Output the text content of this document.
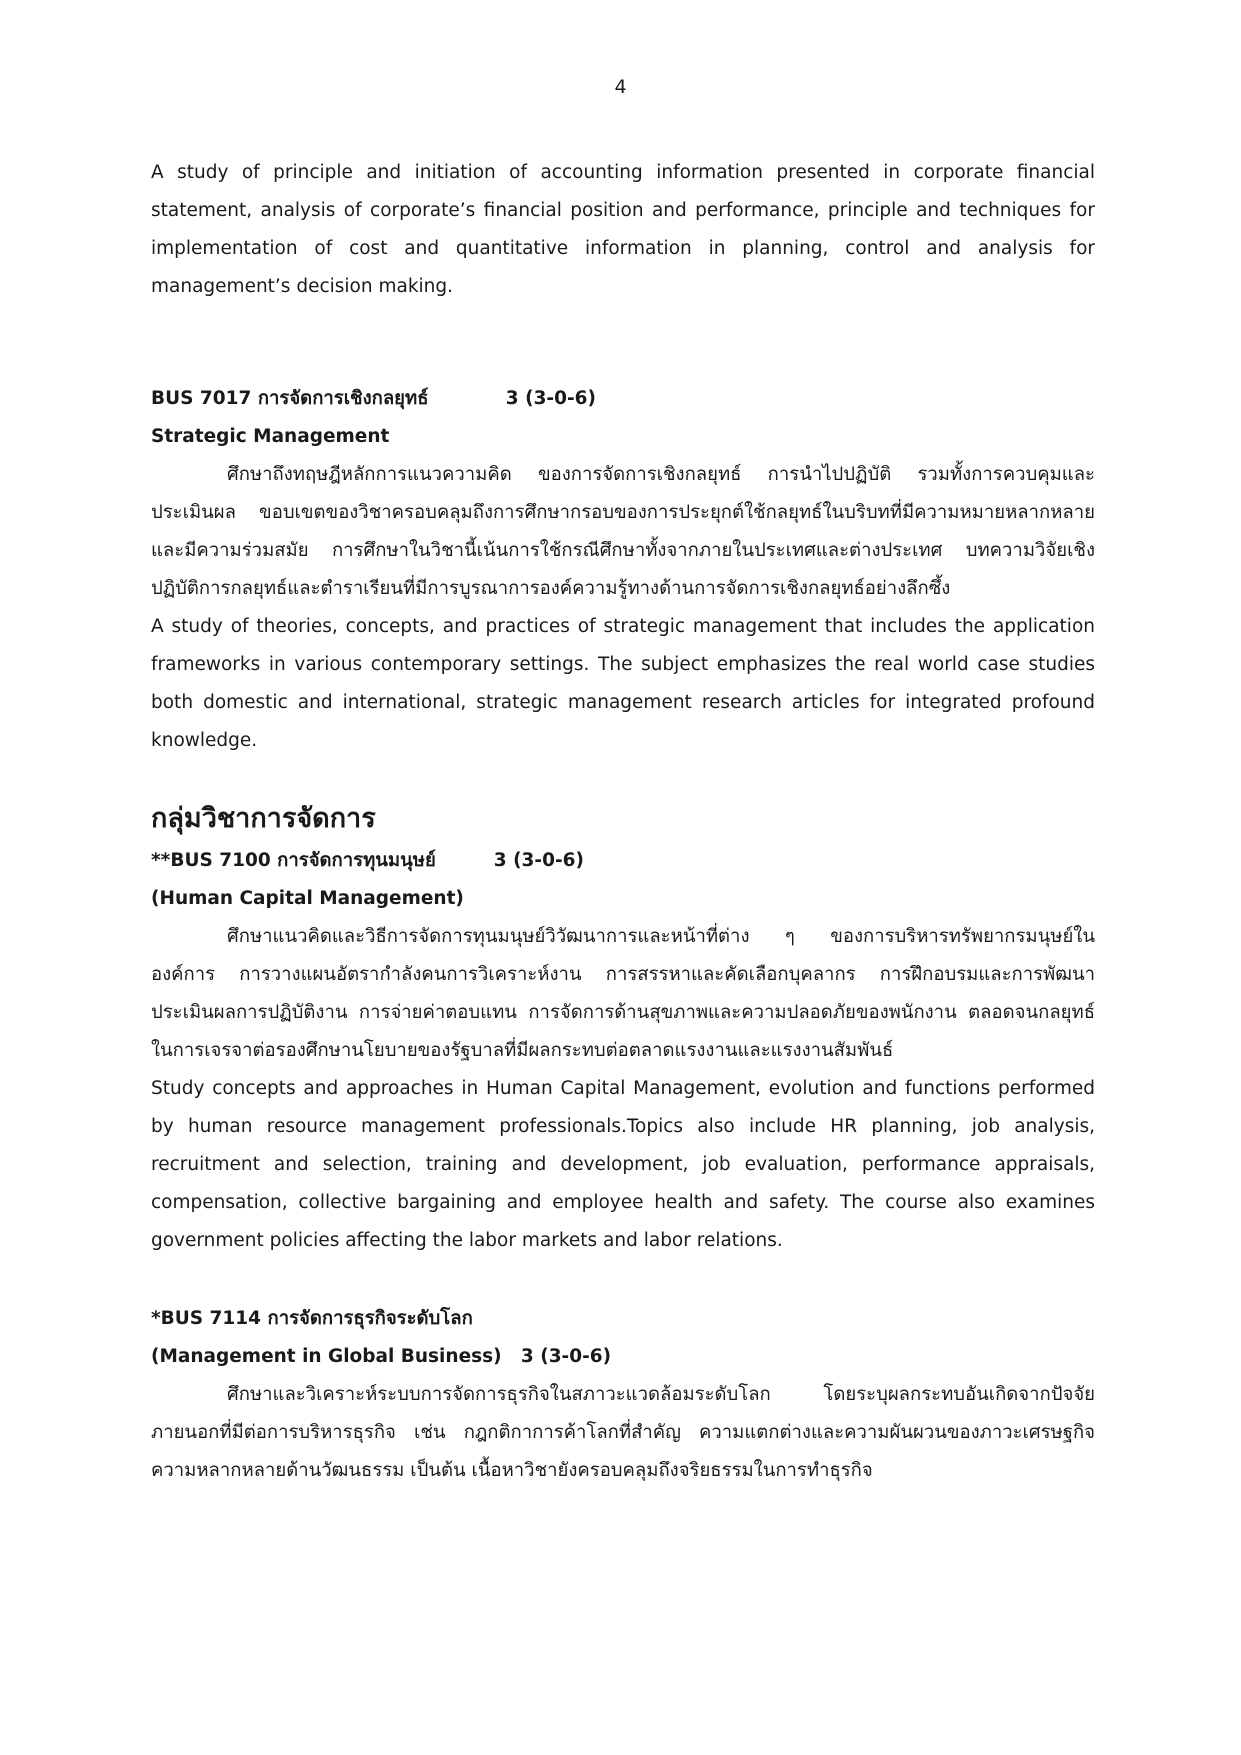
4

A study of principle and initiation of accounting information presented in corporate financial statement, analysis of corporate’s financial position and performance, principle and techniques for implementation of cost and quantitative information in planning, control and analysis for management’s decision making.

BUS 7017 การจัดการเชิงกลยุทธ์	3 (3-0-6)

Strategic Management

ศึกษาถึงทฤษฎีหลักการแนวความคิด ของการจัดการเชิงกลยุทธ์ การนำไปปฏิบัติ รวมทั้งการควบคุมและประเมินผล ขอบเขตของวิชาครอบคลุมถึงการศึกษากรอบของการประยุกต์ใช้กลยุทธ์ในบริบทที่มีความหมายหลากหลายและมีความร่วมสมัย การศึกษาในวิชานี้เน้นการใช้กรณีศึกษาทั้งจากภายในประเทศและต่างประเทศ บทความวิจัยเชิงปฏิบัติการกลยุทธ์และตำราเรียนที่มีการบูรณาการองค์ความรู้ทางด้านการจัดการเชิงกลยุทธ์อย่างลึกซึ้ง

A study of theories, concepts, and practices of strategic management that includes the application frameworks in various contemporary settings. The subject emphasizes the real world case studies both domestic and international, strategic management research articles for integrated profound knowledge.

กลุ่มวิชาการจัดการ

**BUS 7100 การจัดการทุนมนุษย์	3 (3-0-6)

(Human Capital Management)

ศึกษาแนวคิดและวิธีการจัดการทุนมนุษย์วิวัฒนาการและหน้าที่ต่าง ๆ ของการบริหารทรัพยากรมนุษย์ในองค์การ การวางแผนอัตรากำลังคนการวิเคราะห์งาน การสรรหาและคัดเลือกบุคลากร การฝึกอบรมและการพัฒนา ประเมินผลการปฏิบัติงาน การจ่ายค่าตอบแทน การจัดการด้านสุขภาพและความปลอดภัยของพนักงาน ตลอดจนกลยุทธ์ในการเจรจาต่อรองศึกษานโยบายของรัฐบาลที่มีผลกระทบต่อตลาดแรงงานและแรงงานสัมพันธ์

Study concepts and approaches in Human Capital Management, evolution and functions performed by human resource management professionals.Topics also include HR planning, job analysis, recruitment and selection, training and development, job evaluation, performance appraisals, compensation, collective bargaining and employee health and safety. The course also examines government policies affecting the labor markets and labor relations.

*BUS 7114 การจัดการธุรกิจระดับโลก

(Management in Global Business) 3 (3-0-6)

ศึกษาและวิเคราะห์ระบบการจัดการธุรกิจในสภาวะแวดล้อมระดับโลก โดยระบุผลกระทบอันเกิดจากปัจจัยภายนอกที่มีต่อการบริหารธุรกิจ เช่น กฎกติกาการค้าโลกที่สำคัญ ความแตกต่างและความผันผวนของภาวะเศรษฐกิจ ความหลากหลายด้านวัฒนธรรม เป็นต้น เนื้อหาวิชายังครอบคลุมถึงจริยธรรมในการทำธุรกิจ
